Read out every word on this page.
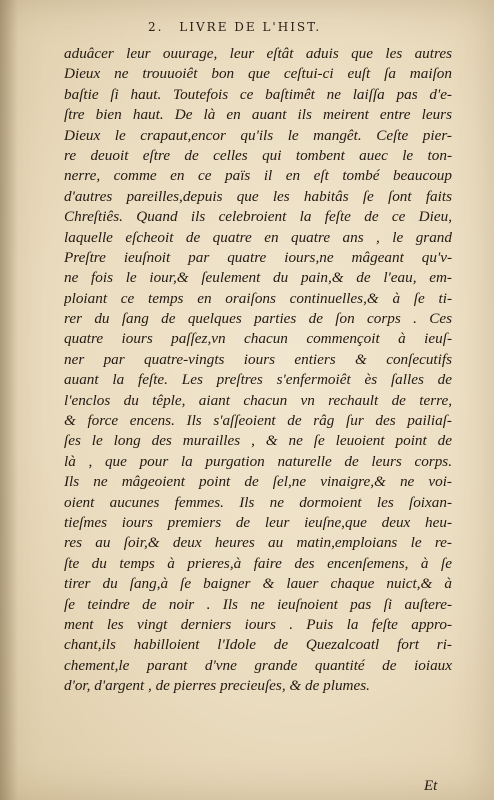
2. LIVRE DE L'HIST.
aduâcer leur ouurage, leur eſtât aduis que les autres
Dieux ne trouuoiêt bon que ceſtui-ci euſt ſa maiſon
baſtie ſi haut. Toutefois ce baſtimêt ne laiſſa pas d'e-
ſtre bien haut. De là en auant ils meirent entre leurs
Dieux le crapaut,encor qu'ils le mangêt. Ceſte pier-
re deuoit eſtre de celles qui tombent auec le ton-
nerre, comme en ce païs il en eſt tombé beaucoup
d'autres pareilles,depuis que les habitâs ſe ſont faits
Chreſtiês. Quand ils celebroient la feſte de ce Dieu,
laquelle eſcheoit de quatre en quatre ans , le grand
Preſtre ieuſnoit par quatre iours,ne mâgeant qu'v-
ne fois le iour,& ſeulement du pain,& de l'eau, em-
ploiant ce temps en oraiſons continuelles,& à ſe ti-
rer du ſang de quelques parties de ſon corps . Ces
quatre iours paſſez,vn chacun commençoit à ieuſ-
ner par quatre-vingts iours entiers & conſecutifs
auant la feſte. Les preſtres s'enfermoiêt ès ſalles de
l'enclos du têple, aiant chacun vn rechault de terre,
& force encens. Ils s'aſſeoient de râg ſur des pailiaſ-
ſes le long des murailles , & ne ſe leuoient point de
là , que pour la purgation naturelle de leurs corps.
Ils ne mâgeoient point de ſel,ne vinaigre,& ne voi-
oient aucunes femmes. Ils ne dormoient les ſoixan-
tieſmes iours premiers de leur ieuſne,que deux heu-
res au ſoir,& deux heures au matin,emploians le re-
ſte du temps à prieres,à faire des encenſemens, à ſe
tirer du ſang,à ſe baigner & lauer chaque nuict,& à
ſe teindre de noir . Ils ne ieuſnoient pas ſi auſtere-
ment les vingt derniers iours . Puis la feſte appro-
chant,ils habilloient l'Idole de Quezalcoatl fort ri-
chement,le parant d'vne grande quantité de ioiaux
d'or, d'argent , de pierres precieuſes, & de plumes.
Et
